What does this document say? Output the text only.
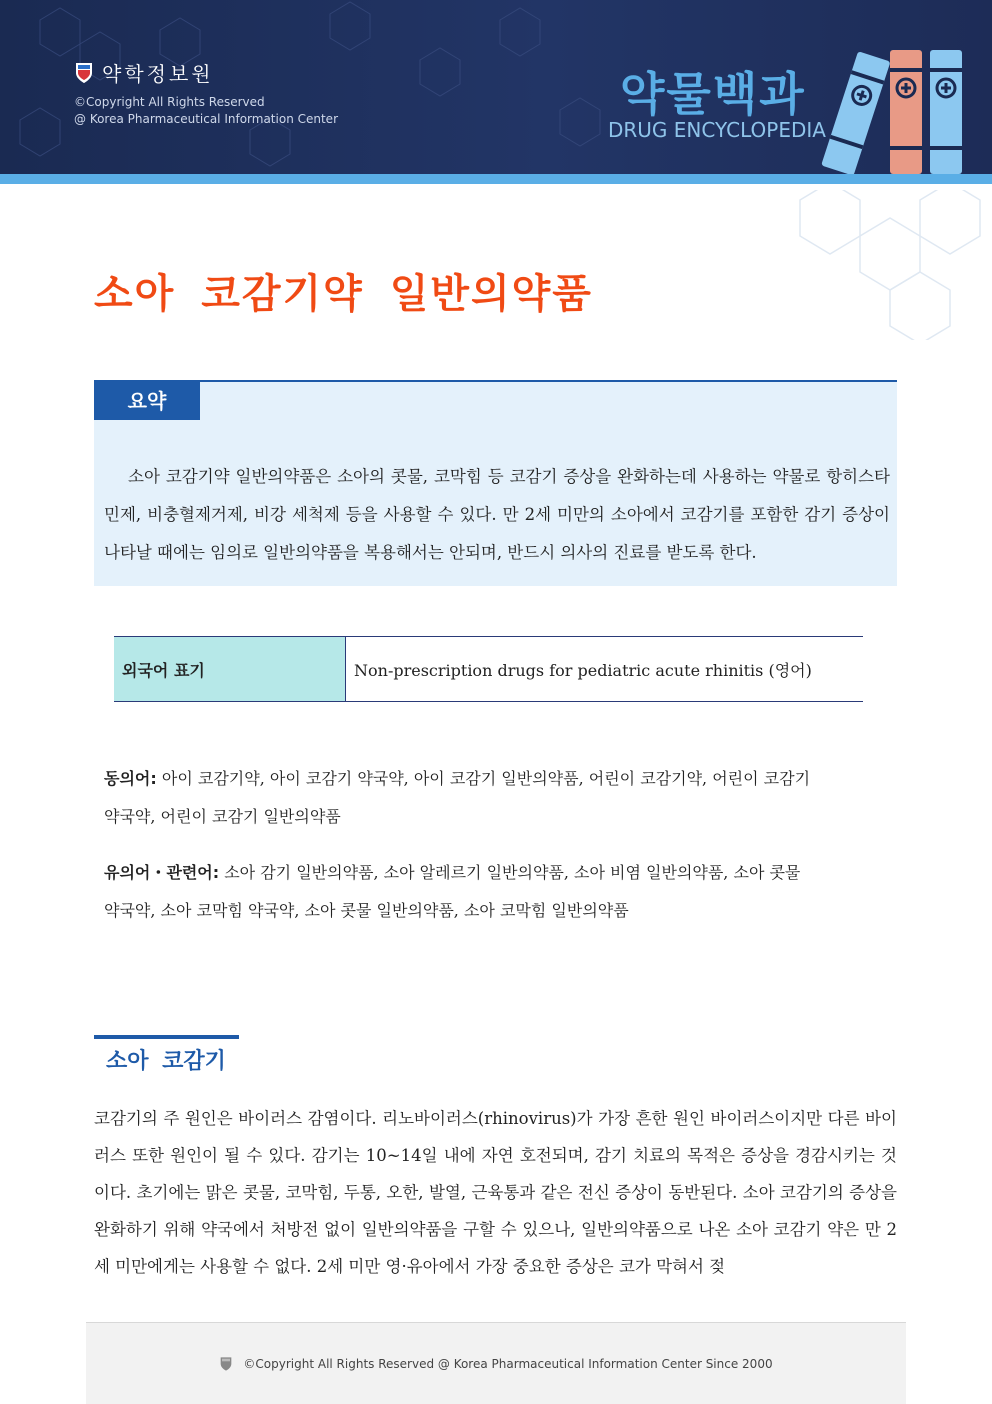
약학정보원
©Copyright All Rights Reserved
@ Korea Pharmaceutical Information Center	약물백과
DRUG ENCYCLOPEDIA
소아 코감기약 일반의약품
요약

소아 코감기약 일반의약품은 소아의 콧물, 코막힘 등 코감기 증상을 완화하는데 사용하는 약물로 항히스타민제, 비충혈제거제, 비강 세척제 등을 사용할 수 있다. 만 2세 미만의 소아에서 코감기를 포함한 감기 증상이 나타날 때에는 임의로 일반의약품을 복용해서는 안되며, 반드시 의사의 진료를 받도록 한다.

외국어 표기	Non-prescription drugs for pediatric acute rhinitis (영어)

동의어: 아이 코감기약, 아이 코감기 약국약, 아이 코감기 일반의약품, 어린이 코감기약, 어린이 코감기

약국약, 어린이 코감기 일반의약품

유의어・관련어: 소아 감기 일반의약품, 소아 알레르기 일반의약품, 소아 비염 일반의약품, 소아 콧물

약국약, 소아 코막힘 약국약, 소아 콧물 일반의약품, 소아 코막힘 일반의약품

소아 코감기

코감기의 주 원인은 바이러스 감염이다. 리노바이러스(rhinovirus)가 가장 흔한 원인 바이러스이지만 다른 바이러스 또한 원인이 될 수 있다. 감기는 10~14일 내에 자연 호전되며, 감기 치료의 목적은 증상을 경감시키는 것이다. 초기에는 맑은 콧물, 코막힘, 두통, 오한, 발열, 근육통과 같은 전신 증상이 동반된다. 소아 코감기의 증상을 완화하기 위해 약국에서 처방전 없이 일반의약품을 구할 수 있으나, 일반의약품으로 나온 소아 코감기 약은 만 2세 미만에게는 사용할 수 없다. 2세 미만 영·유아에서 가장 중요한 증상은 코가 막혀서 젖

©Copyright All Rights Reserved @ Korea Pharmaceutical Information Center Since 2000
